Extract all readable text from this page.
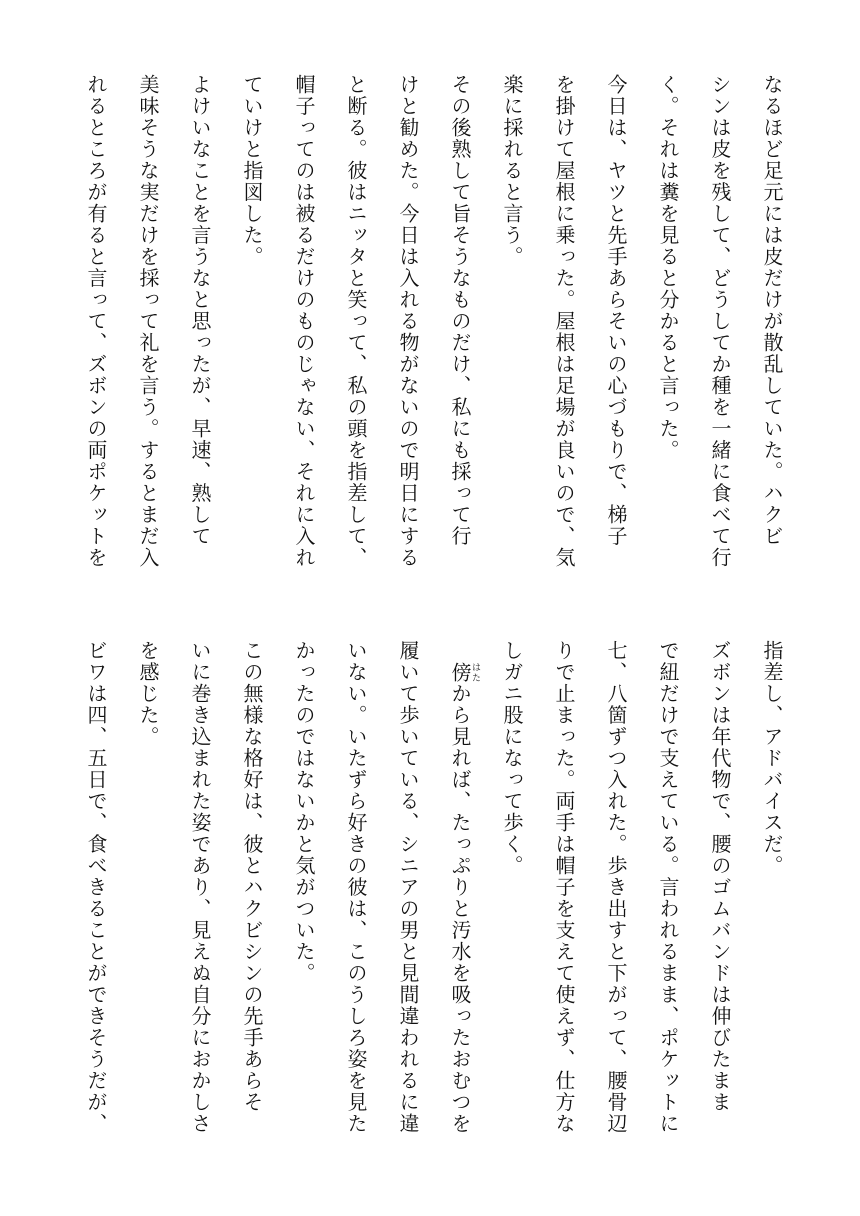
なるほど足元には皮だけが散乱していた。ハクビ
シンは皮を残して、どうしてか種を一緒に食べて行
く。それは糞を見ると分かると言った。
今日は、ヤツと先手あらそいの心づもりで、梯子
を掛けて屋根に乗った。屋根は足場が良いので、気
楽に採れると言う。
その後熟して旨そうなものだけ、私にも採って行
けと勧めた。今日は入れる物がないので明日にする
と断る。彼はニッタと笑って、私の頭を指差して、
帽子ってのは被るだけのものじゃない、それに入れ
ていけと指図した。
よけいなことを言うなと思ったが、早速、熟して
美味そうな実だけを採って礼を言う。するとまだ入
れるところが有ると言って、ズボンの両ポケットを
指差し、アドバイスだ。
ズボンは年代物で、腰のゴムバンドは伸びたまま
で紐だけで支えている。言われるまま、ポケットに
七、八箇ずつ入れた。歩き出すと下がって、腰骨辺
りで止まった。両手は帽子を支えて使えず、仕方な
しガニ股になって歩く。
　傍はたから見れば、たっぷりと汚水を吸ったおむつを
履いて歩いている、シニアの男と見間違われるに違
いない。いたずら好きの彼は、このうしろ姿を見た
かったのではないかと気がついた。
この無様な格好は、彼とハクビシンの先手あらそ
いに巻き込まれた姿であり、見えぬ自分におかしさ
を感じた。
ビワは四、五日で、食べきることができそうだが、
